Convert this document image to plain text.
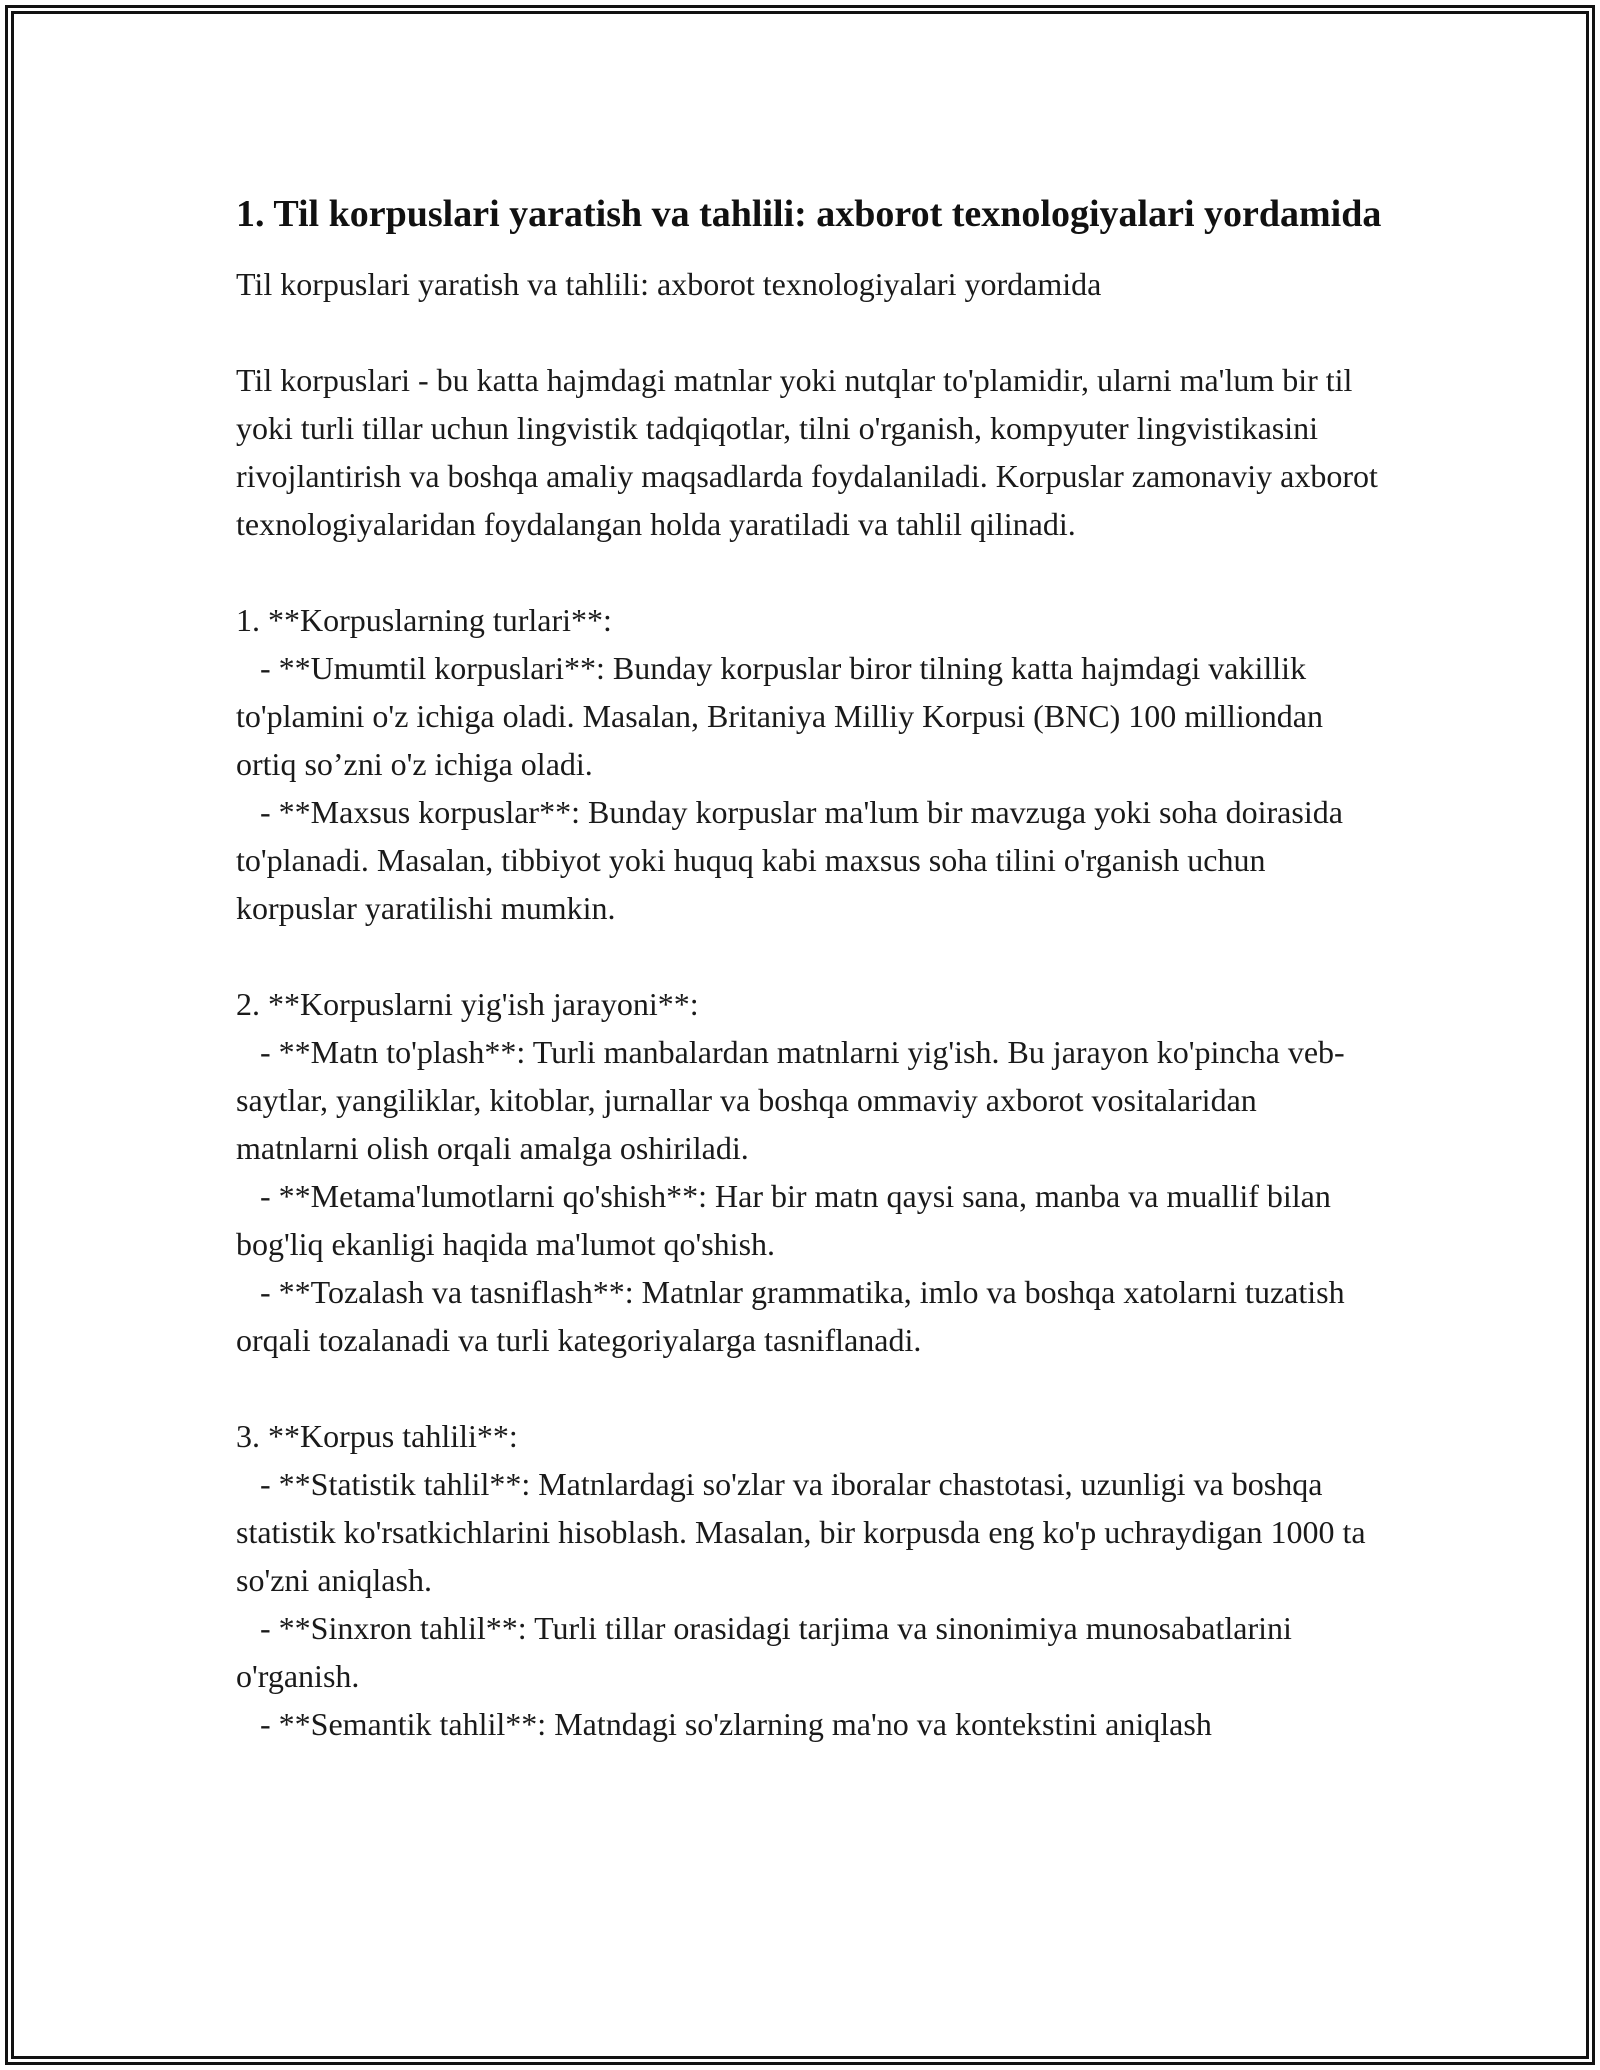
1. Til korpuslari yaratish va tahlili: axborot texnologiyalari yordamida
Til korpuslari yaratish va tahlili: axborot texnologiyalari yordamida
Til korpuslari - bu katta hajmdagi matnlar yoki nutqlar to'plamidir, ularni ma'lum bir til yoki turli tillar uchun lingvistik tadqiqotlar, tilni o'rganish, kompyuter lingvistikasini rivojlantirish va boshqa amaliy maqsadlarda foydalaniladi. Korpuslar zamonaviy axborot texnologiyalaridan foydalangan holda yaratiladi va tahlil qilinadi.
1. **Korpuslarning turlari**:
- **Umumtil korpuslari**: Bunday korpuslar biror tilning katta hajmdagi vakillik to'plamini o'z ichiga oladi. Masalan, Britaniya Milliy Korpusi (BNC) 100 milliondan ortiq so’zni o'z ichiga oladi.
- **Maxsus korpuslar**: Bunday korpuslar ma'lum bir mavzuga yoki soha doirasida to'planadi. Masalan, tibbiyot yoki huquq kabi maxsus soha tilini o'rganish uchun korpuslar yaratilishi mumkin.
2. **Korpuslarni yig'ish jarayoni**:
- **Matn to'plash**: Turli manbalardan matnlarni yig'ish. Bu jarayon ko'pincha veb-saytlar, yangiliklar, kitoblar, jurnallar va boshqa ommaviy axborot vositalaridan matnlarni olish orqali amalga oshiriladi.
- **Metama'lumotlarni qo'shish**: Har bir matn qaysi sana, manba va muallif bilan bog'liq ekanligi haqida ma'lumot qo'shish.
- **Tozalash va tasniflash**: Matnlar grammatika, imlo va boshqa xatolarni tuzatish orqali tozalanadi va turli kategoriyalarga tasniflanadi.
3. **Korpus tahlili**:
- **Statistik tahlil**: Matnlardagi so'zlar va iboralar chastotasi, uzunligi va boshqa statistik ko'rsatkichlarini hisoblash. Masalan, bir korpusda eng ko'p uchraydigan 1000 ta so'zni aniqlash.
- **Sinxron tahlil**: Turli tillar orasidagi tarjima va sinonimiya munosabatlarini o'rganish.
- **Semantik tahlil**: Matndagi so'zlarning ma'no va kontekstini aniqlash
